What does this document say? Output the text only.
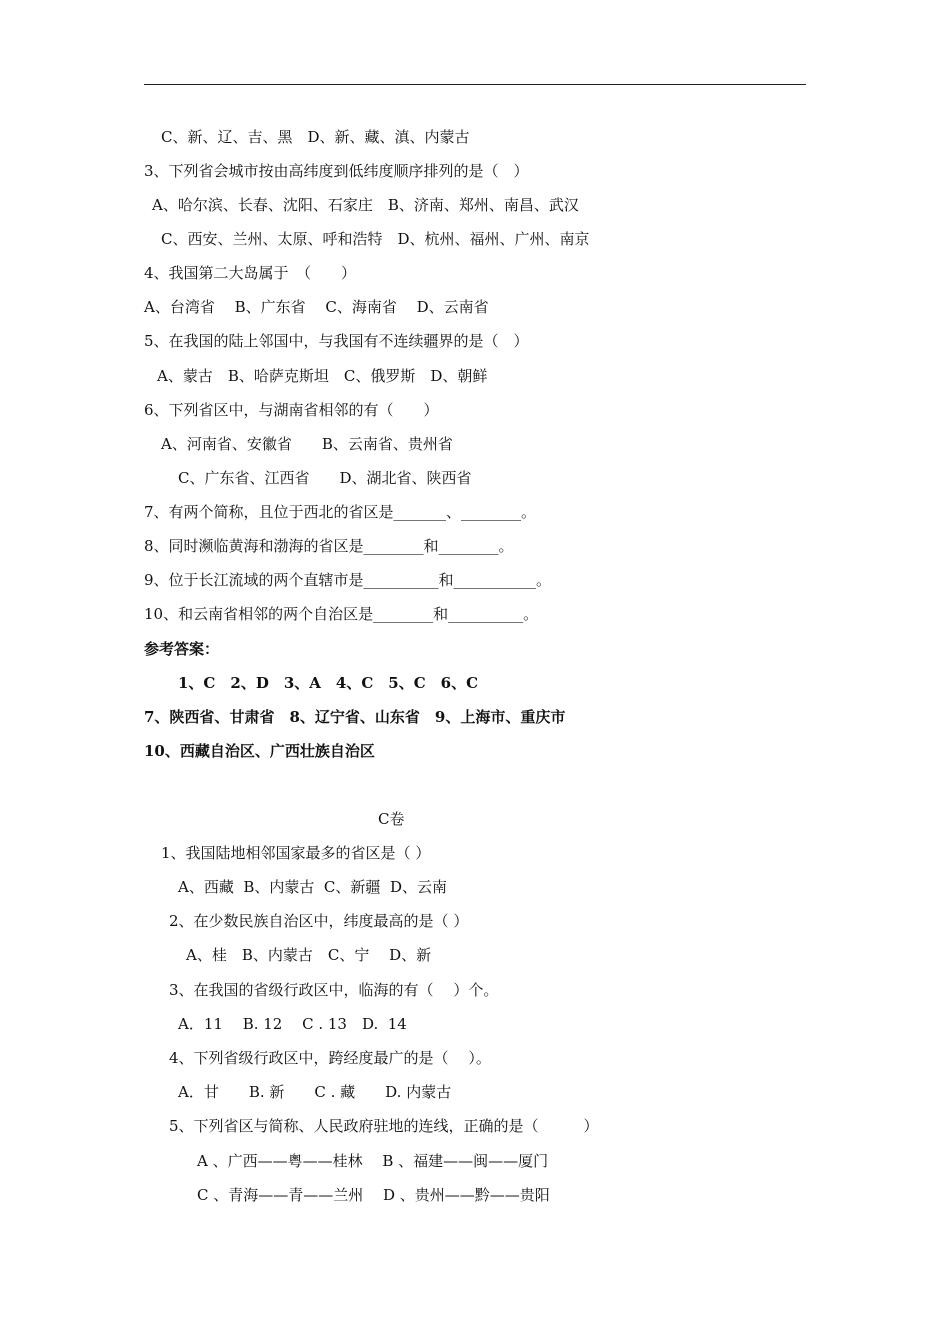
C、新、辽、吉、黑　D、新、藏、滇、内蒙古
3、下列省会城市按由高纬度到低纬度顺序排列的是（　）
A、哈尔滨、长春、沈阳、石家庄　B、济南、郑州、南昌、武汉
C、西安、兰州、太原、呼和浩特　D、杭州、福州、广州、南京
4、我国第二大岛属于　（　　）
A、台湾省　 B、广东省　 C、海南省　 D、云南省
5、在我国的陆上邻国中，与我国有不连续疆界的是（　）
A、蒙古　B、哈萨克斯坦　C、俄罗斯　D、朝鲜
6、下列省区中，与湖南省相邻的有（　　）
A、河南省、安徽省　　B、云南省、贵州省
C、广东省、江西省　　D、湖北省、陕西省
7、有两个简称，且位于西北的省区是_______、________。
8、同时濒临黄海和渤海的省区是________和________。
9、位于长江流域的两个直辖市是__________和___________。
10、和云南省相邻的两个自治区是________和__________。
参考答案：
1、C　2、D　3、A　4、C　5、C　6、C
7、陕西省、甘肃省　8、辽宁省、山东省　9、上海市、重庆市
10、西藏自治区、广西壮族自治区
C卷
1、我国陆地相邻国家最多的省区是（ ）
A、西藏  B、内蒙古  C、新疆  D、云南
2、在少数民族自治区中，纬度最高的是（ ）
A、桂　B、内蒙古　C、宁　 D、新
3、在我国的省级行政区中，临海的有（　 ）个。
A．11　 B. 12　 C . 13　D.  14
4、下列省级行政区中，跨经度最广的是（　 ）。
A．甘　　B. 新　　C . 藏　　D. 内蒙古
5、下列省区与简称、人民政府驻地的连线，正确的是（　　　）
A 、广西——粤——桂林　 B 、福建——闽——厦门
C 、青海——青——兰州　 D 、贵州——黔——贵阳
